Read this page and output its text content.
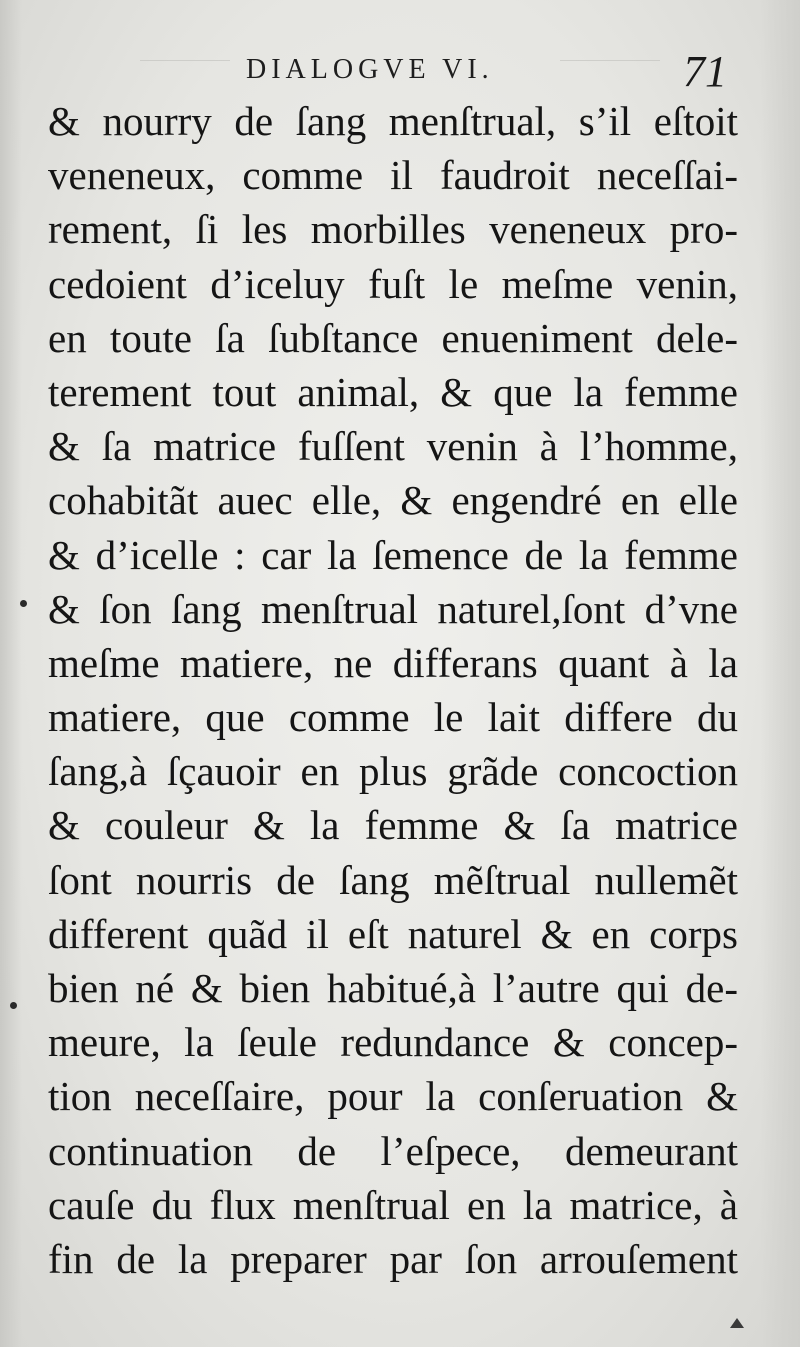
DIALOGVE VI.	71
& nourry de ſang menſtrual, s’il eſtoit
veneneux, comme il faudroit neceſſai-
rement, ſi les morbilles veneneux pro-
cedoient d’iceluy fuſt le meſme venin,
en toute ſa ſubſtance enueniment dele-
terement tout animal, & que la femme
& ſa matrice fuſſent venin à l’homme,
cohabitãt auec elle, & engendré en elle
& d’icelle : car la ſemence de la femme
& ſon ſang menſtrual naturel,ſont d’vne
meſme matiere, ne differans quant à la
matiere, que comme le lait differe du
ſang,à ſçauoir en plus grãde concoction
& couleur & la femme & ſa matrice
ſont nourris de ſang mẽſtrual nullemẽt
different quãd il eſt naturel & en corps
bien né & bien habitué,à l’autre qui de-
meure, la ſeule redundance & concep-
tion neceſſaire, pour la conſeruation &
continuation de l’eſpece, demeurant
cauſe du flux menſtrual en la matrice, à
fin de la preparer par ſon arrouſement
